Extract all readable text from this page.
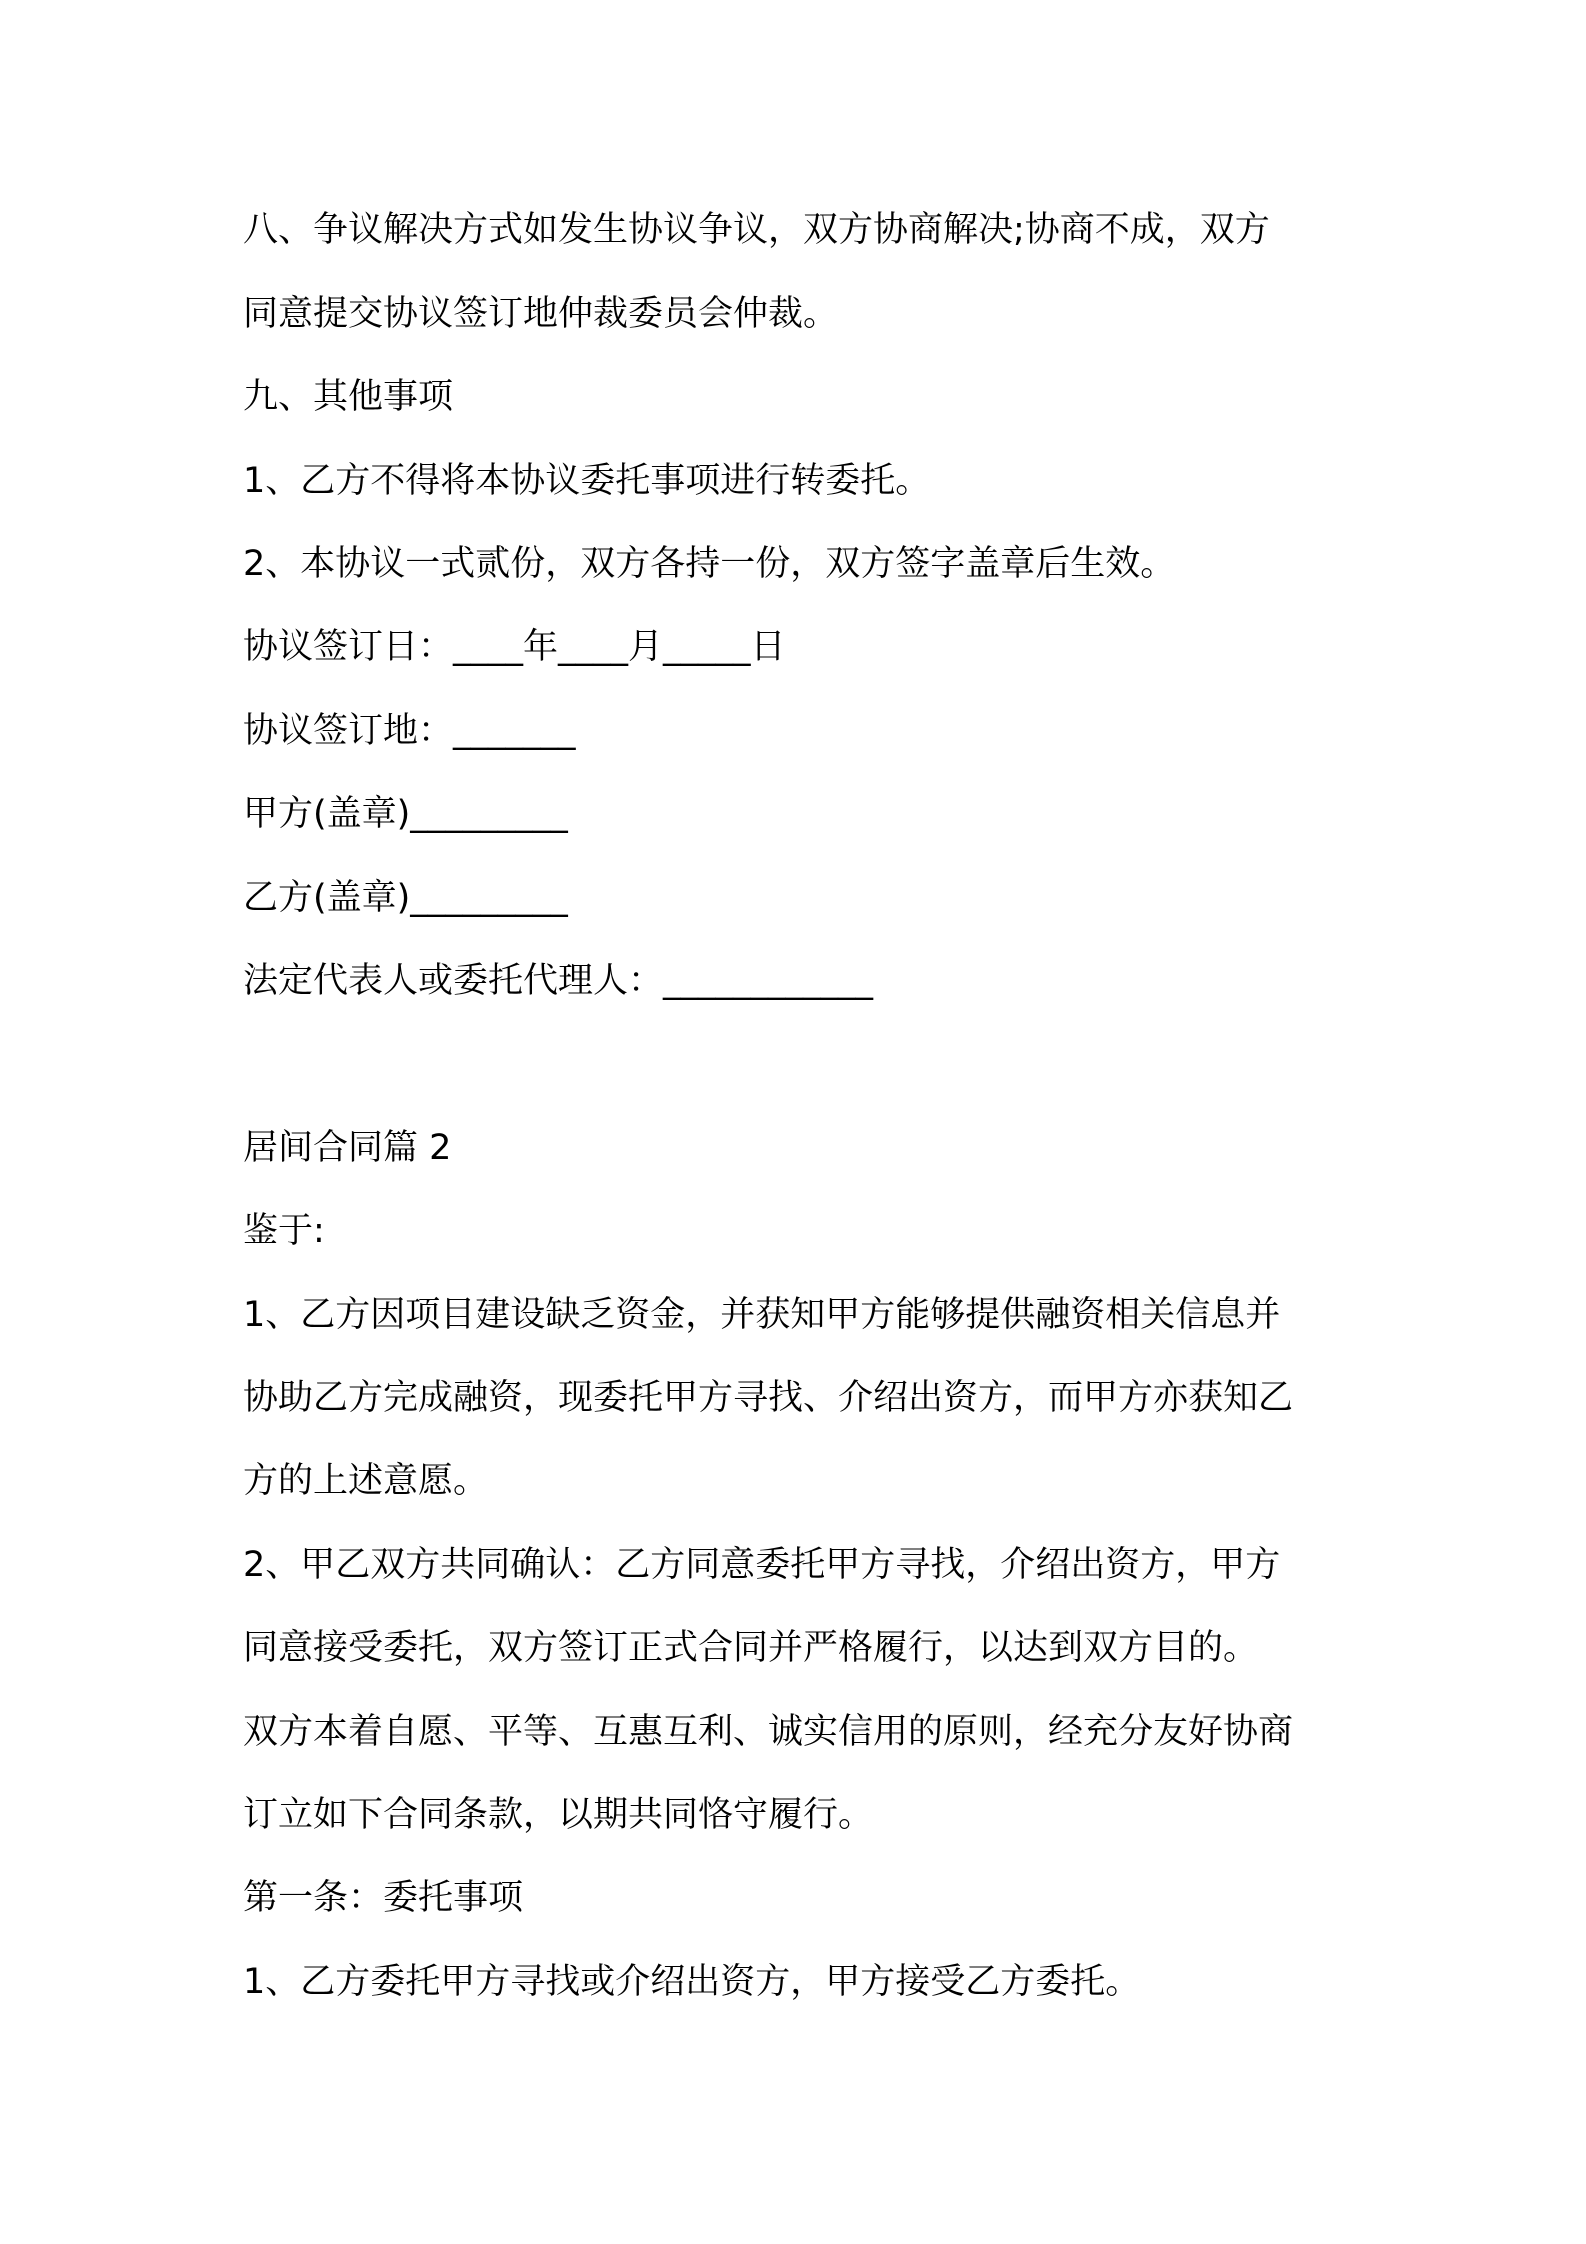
八、争议解决方式如发生协议争议，双方协商解决;协商不成，双方
同意提交协议签订地仲裁委员会仲裁。
九、其他事项
1、乙方不得将本协议委托事项进行转委托。
2、本协议一式贰份，双方各持一份，双方签字盖章后生效。
协议签订日：____年____月_____日
协议签订地：_______
甲方(盖章)_________
乙方(盖章)_________
法定代表人或委托代理人：____________
居间合同篇 2
鉴于:
1、乙方因项目建设缺乏资金，并获知甲方能够提供融资相关信息并
协助乙方完成融资，现委托甲方寻找、介绍出资方，而甲方亦获知乙
方的上述意愿。
2、甲乙双方共同确认：乙方同意委托甲方寻找，介绍出资方，甲方
同意接受委托，双方签订正式合同并严格履行，以达到双方目的。
双方本着自愿、平等、互惠互利、诚实信用的原则，经充分友好协商
订立如下合同条款，以期共同恪守履行。
第一条：委托事项
1、乙方委托甲方寻找或介绍出资方，甲方接受乙方委托。
